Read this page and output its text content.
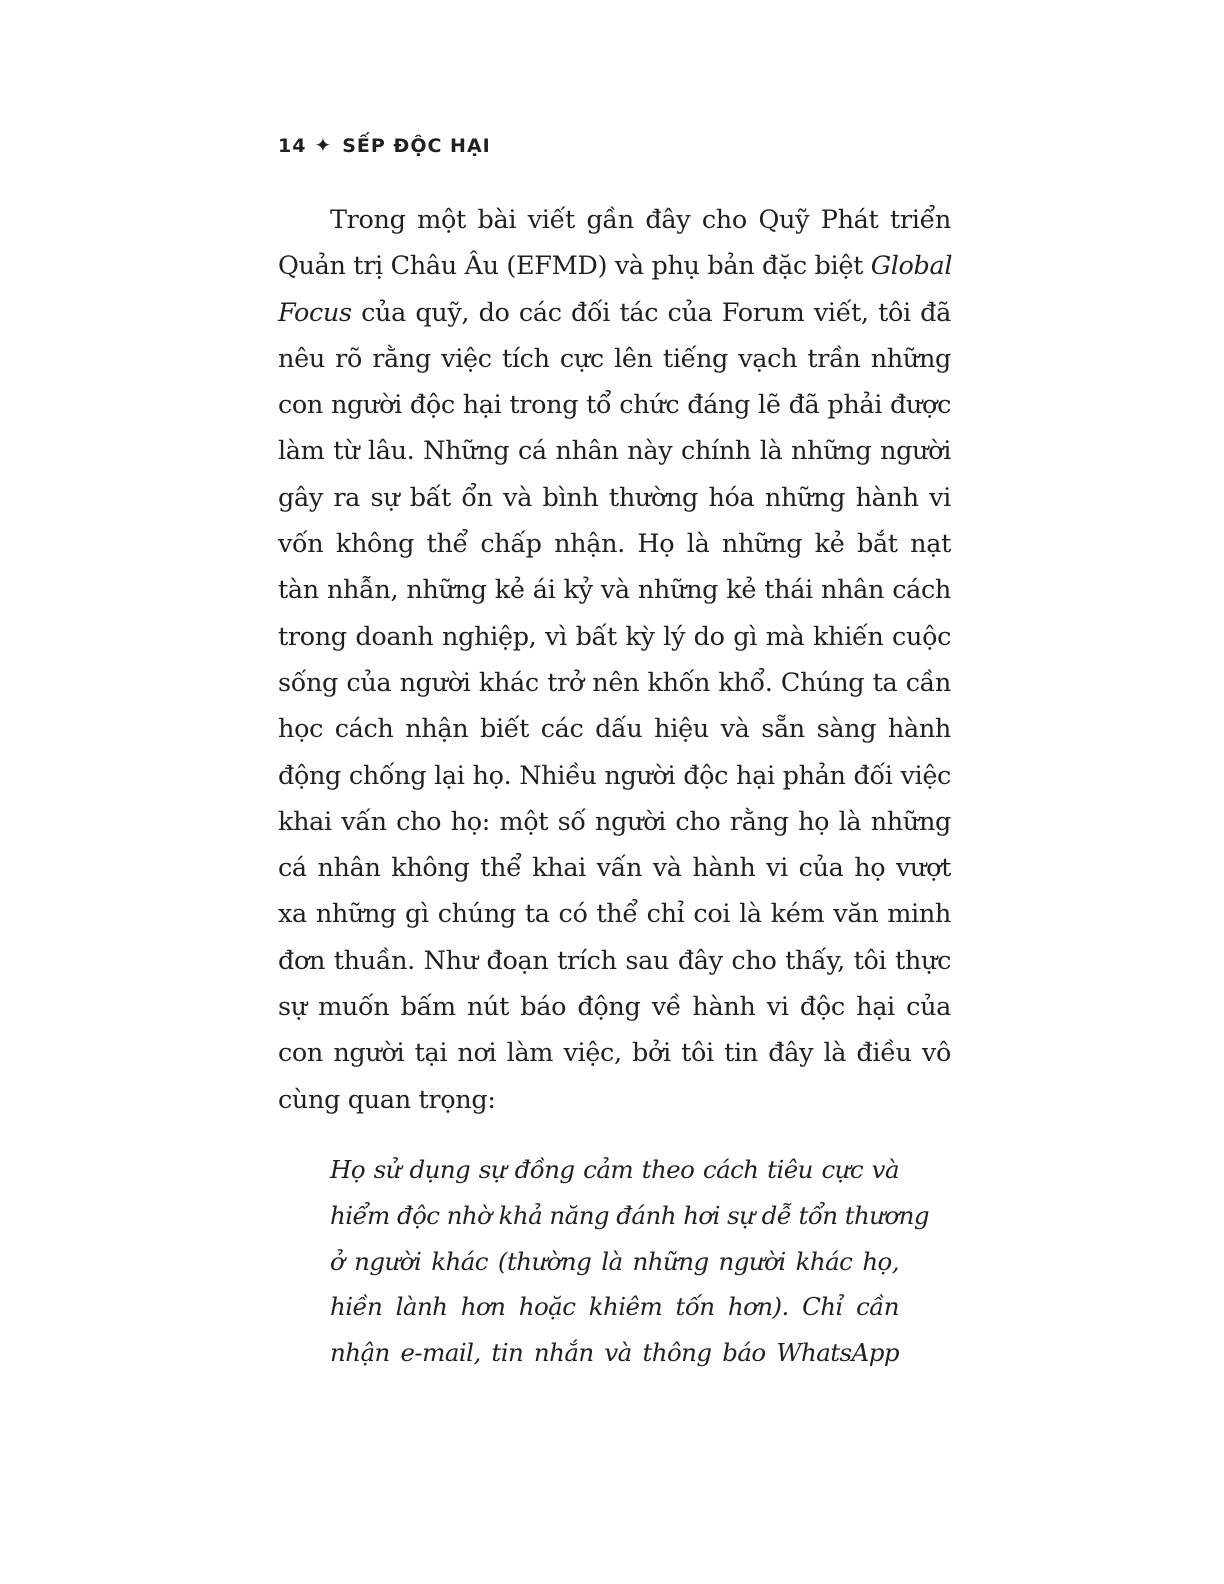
14 ✦ SẾP ĐỘC HẠI
Trong một bài viết gần đây cho Quỹ Phát triển
Quản trị Châu Âu (EFMD) và phụ bản đặc biệt Global
Focus của quỹ, do các đối tác của Forum viết, tôi đã
nêu rõ rằng việc tích cực lên tiếng vạch trần những
con người độc hại trong tổ chức đáng lẽ đã phải được
làm từ lâu. Những cá nhân này chính là những người
gây ra sự bất ổn và bình thường hóa những hành vi
vốn không thể chấp nhận. Họ là những kẻ bắt nạt
tàn nhẫn, những kẻ ái kỷ và những kẻ thái nhân cách
trong doanh nghiệp, vì bất kỳ lý do gì mà khiến cuộc
sống của người khác trở nên khốn khổ. Chúng ta cần
học cách nhận biết các dấu hiệu và sẵn sàng hành
động chống lại họ. Nhiều người độc hại phản đối việc
khai vấn cho họ: một số người cho rằng họ là những
cá nhân không thể khai vấn và hành vi của họ vượt
xa những gì chúng ta có thể chỉ coi là kém văn minh
đơn thuần. Như đoạn trích sau đây cho thấy, tôi thực
sự muốn bấm nút báo động về hành vi độc hại của
con người tại nơi làm việc, bởi tôi tin đây là điều vô
cùng quan trọng:
Họ sử dụng sự đồng cảm theo cách tiêu cực và
hiểm độc nhờ khả năng đánh hơi sự dễ tổn thương
ở người khác (thường là những người khác họ,
hiền lành hơn hoặc khiêm tốn hơn). Chỉ cần
nhận e-mail, tin nhắn và thông báo WhatsApp
